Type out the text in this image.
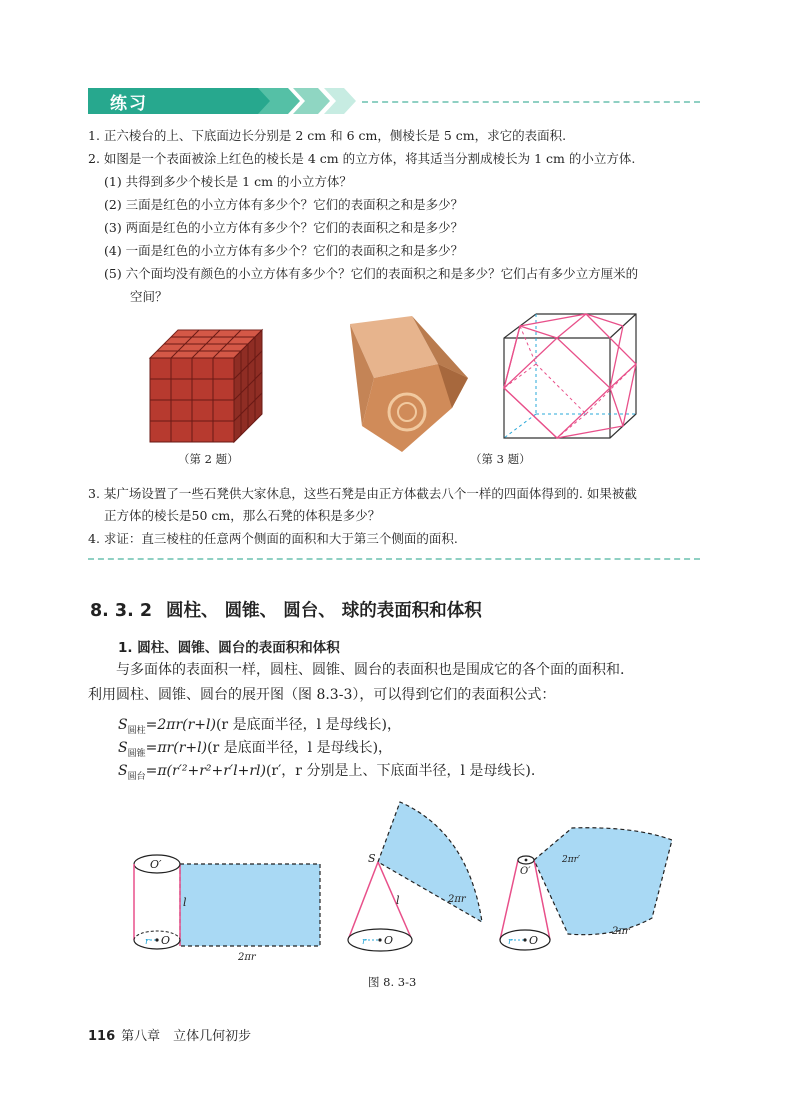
练习
1. 正六棱台的上、下底面边长分别是 2 cm 和 6 cm，侧棱长是 5 cm，求它的表面积.
2. 如图是一个表面被涂上红色的棱长是 4 cm 的立方体，将其适当分割成棱长为 1 cm 的小立方体.
(1) 共得到多少个棱长是 1 cm 的小立方体？
(2) 三面是红色的小立方体有多少个？它们的表面积之和是多少？
(3) 两面是红色的小立方体有多少个？它们的表面积之和是多少？
(4) 一面是红色的小立方体有多少个？它们的表面积之和是多少？
(5) 六个面均没有颜色的小立方体有多少个？它们的表面积之和是多少？它们占有多少立方厘米的
空间？
（第 2 题）	（第 3 题）
3. 某广场设置了一些石凳供大家休息，这些石凳是由正方体截去八个一样的四面体得到的. 如果被截
正方体的棱长是50 cm，那么石凳的体积是多少？
4. 求证：直三棱柱的任意两个侧面的面积和大于第三个侧面的面积.
8. 3. 2 圆柱、 圆锥、 圆台、 球的表面积和体积
1. 圆柱、圆锥、圆台的表面积和体积
与多面体的表面积一样，圆柱、圆锥、圆台的表面积也是围成它的各个面的面积和.
利用圆柱、圆锥、圆台的展开图（图 8.3-3），可以得到它们的表面积公式：
$S_{圆柱}=2\pi r(r+l)(r$ 是底面半径，l 是母线长)，
$S_{圆锥}=\pi r(r+l)(r$ 是底面半径，l 是母线长)，
$S_{圆台}=\pi(r'^2+r^2+r'l+rl)(r'$，r 分别是上、下底面半径，l 是母线长).
O′
r O
l
2πr
S
l	2πr
r O
O′
2πr′
2πr
r O
图 8. 3-3
116 第八章　立体几何初步
